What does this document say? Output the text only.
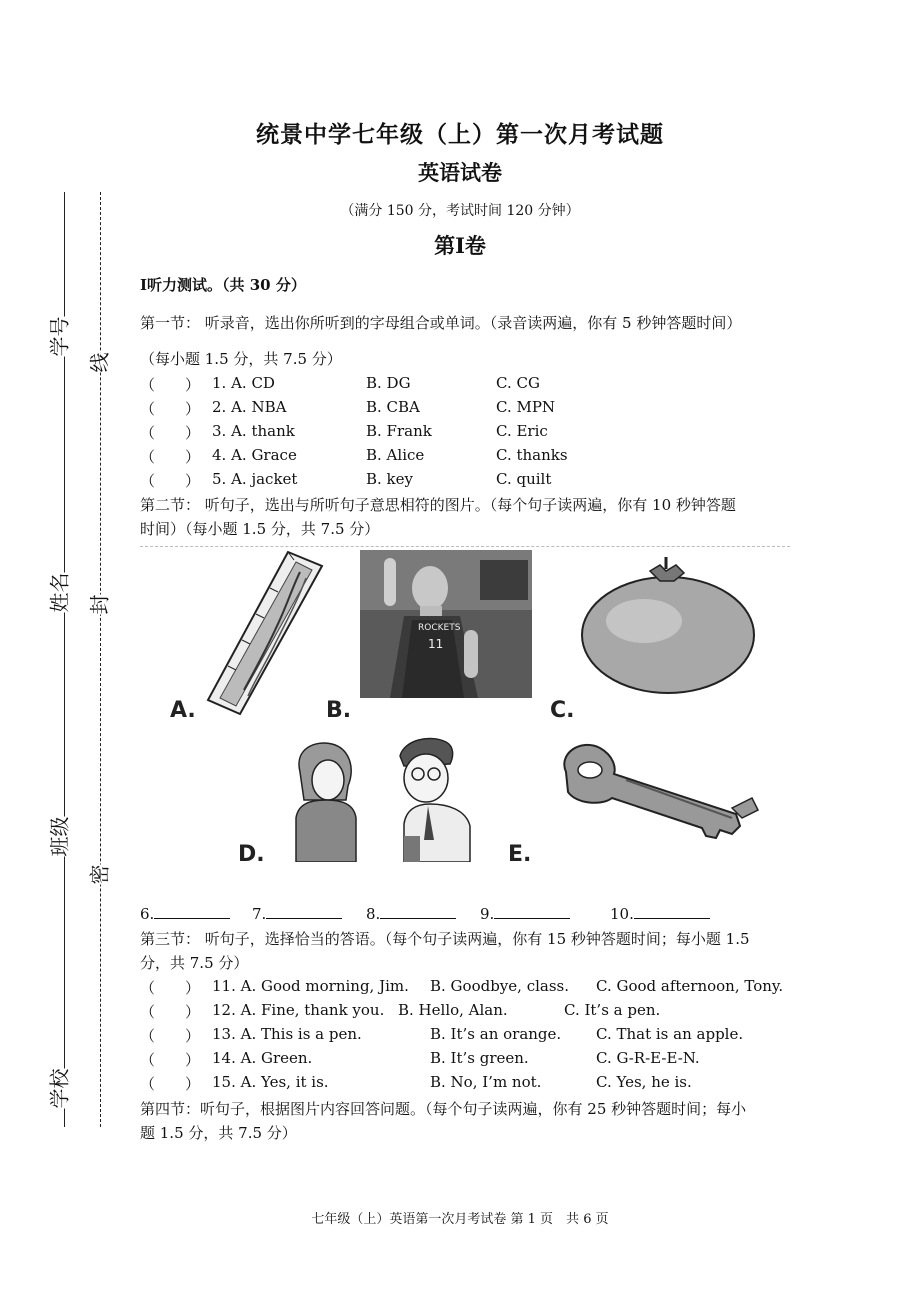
学号
姓名
班级
学校
线
封
密
统景中学七年级（上）第一次月考试题
英语试卷
（满分 150 分，考试时间 120 分钟）
第Ⅰ卷
Ⅰ听力测试。（共 30 分）
第一节： 听录音，选出你所听到的字母组合或单词。（录音读两遍，你有 5 秒钟答题时间）
（每小题 1.5 分，共 7.5 分）
（　　） 1. A. CD	B. DG	C. CG
（　　） 2. A. NBA	B. CBA	C. MPN
（　　） 3. A. thank	B. Frank	C. Eric
（　　） 4. A. Grace	B. Alice	C. thanks
（　　） 5. A. jacket	B. key	C. quilt
第二节： 听句子，选出与所听句子意思相符的图片。（每个句子读两遍，你有 10 秒钟答题
时间）（每小题 1.5 分，共 7.5 分）
A.
ROCKETS
11
B.	C.
D.	E.
6.	7.	8.	9.	10.
第三节： 听句子，选择恰当的答语。（每个句子读两遍，你有 15 秒钟答题时间；每小题 1.5
分，共 7.5 分）
（　　） 11. A. Good morning, Jim. B. Goodbye, class. C. Good afternoon, Tony.
（　　） 12. A. Fine, thank you. B. Hello, Alan.	C. It’s a pen.
（　　） 13. A. This is a pen.	B. It’s an orange. C. That is an apple.
（　　） 14. A. Green.	B. It’s green.	C. G-R-E-E-N.
（　　） 15. A. Yes, it is.	B. No, I’m not.	C. Yes, he is.
第四节：听句子，根据图片内容回答问题。（每个句子读两遍，你有 25 秒钟答题时间；每小
题 1.5 分，共 7.5 分）
七年级（上）英语第一次月考试卷 第 1 页　共 6 页
